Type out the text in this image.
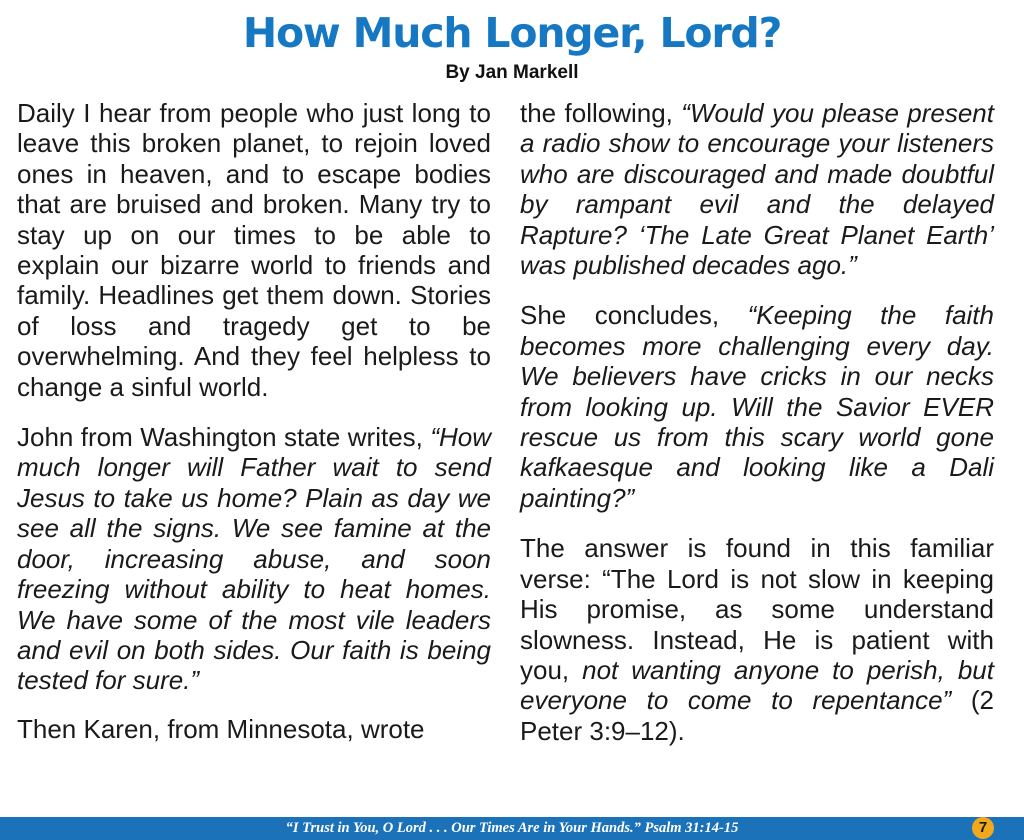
How Much Longer, Lord?
By Jan Markell

Daily I hear from people who just long to leave this broken planet, to rejoin loved ones in heaven, and to escape bodies that are bruised and broken. Many try to stay up on our times to be able to explain our bizarre world to friends and family. Headlines get them down. Stories of loss and tragedy get to be overwhelming. And they feel helpless to change a sinful world.

John from Washington state writes, “How much longer will Father wait to send Jesus to take us home? Plain as day we see all the signs. We see famine at the door, increasing abuse, and soon freezing without ability to heat homes. We have some of the most vile leaders and evil on both sides. Our faith is being tested for sure.”

Then Karen, from Minnesota, wrote

the following, “Would you please present a radio show to encourage your listeners who are discouraged and made doubtful by rampant evil and the delayed Rapture? ‘The Late Great Planet Earth’ was published decades ago.”

She concludes, “Keeping the faith becomes more challenging every day. We believers have cricks in our necks from looking up. Will the Savior EVER rescue us from this scary world gone kafkaesque and looking like a Dali painting?”

The answer is found in this familiar verse: “The Lord is not slow in keeping His promise, as some understand slowness. Instead, He is patient with you, not wanting anyone to perish, but everyone to come to repentance” (2 Peter 3:9–12).

“I Trust in You, O Lord . . . Our Times Are in Your Hands.” Psalm 31:14-15	7
